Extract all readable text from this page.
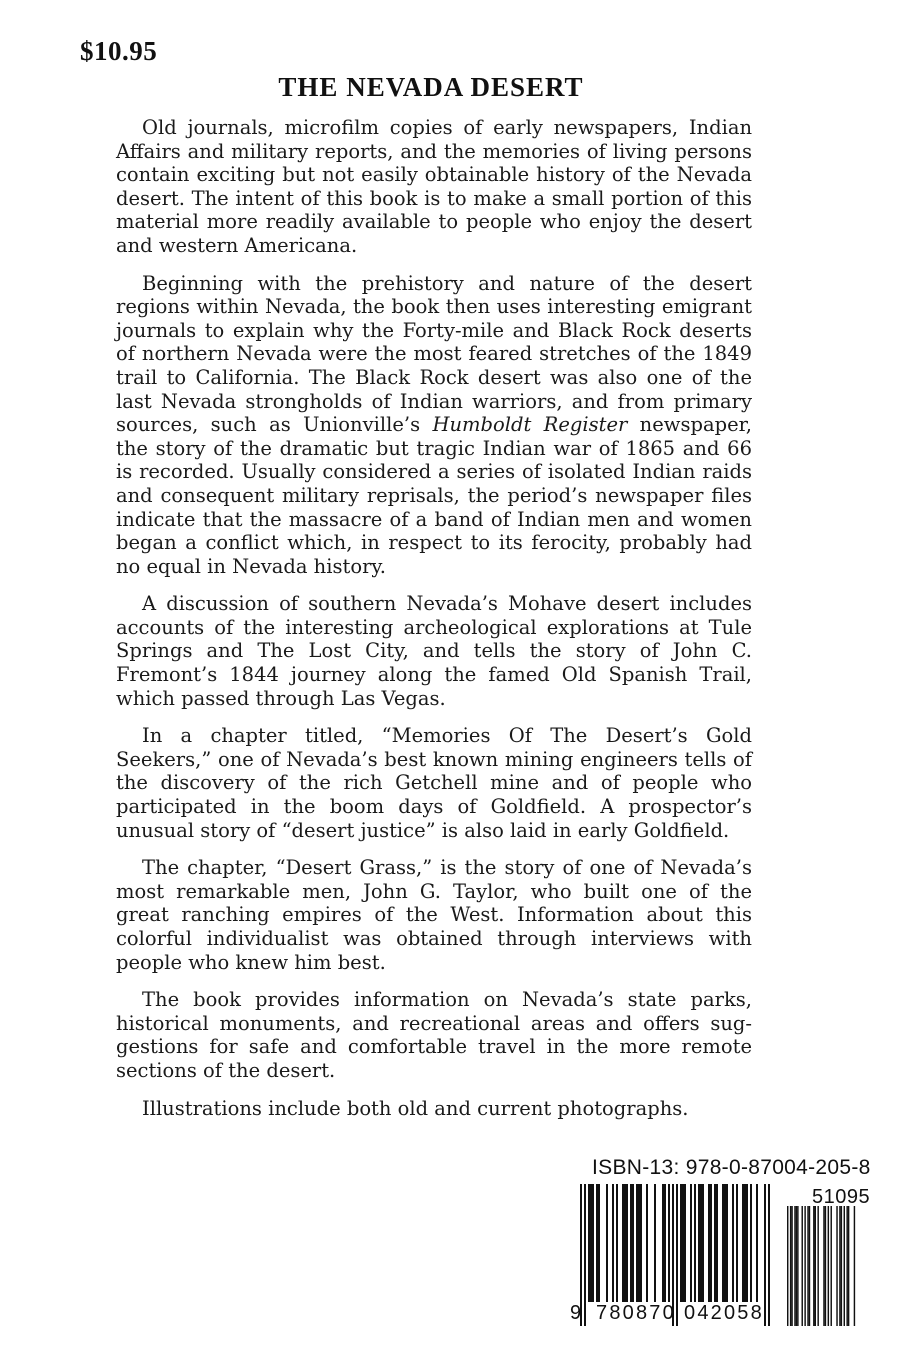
$10.95
THE NEVADA DESERT

Old journals, microfilm copies of early newspapers, Indian Affairs and military reports, and the memories of living persons contain exciting but not easily obtainable history of the Nevada desert. The intent of this book is to make a small portion of this material more readily available to people who enjoy the desert and western Americana.

Beginning with the prehistory and nature of the desert regions within Nevada, the book then uses interesting emigrant journals to explain why the Forty-mile and Black Rock deserts of northern Nevada were the most feared stretches of the 1849 trail to California. The Black Rock desert was also one of the last Nevada strongholds of Indian warriors, and from primary sources, such as Unionville’s Humboldt Register newspaper, the story of the dramatic but tragic Indian war of 1865 and 66 is recorded. Usually considered a series of isolated Indian raids and consequent military reprisals, the period’s newspaper files indicate that the massacre of a band of Indian men and women began a conflict which, in respect to its ferocity, probably had no equal in Nevada history.

A discussion of southern Nevada’s Mohave desert includes accounts of the interesting archeological explorations at Tule Springs and The Lost City, and tells the story of John C. Fremont’s 1844 journey along the famed Old Spanish Trail, which passed through Las Vegas.

In a chapter titled, “Memories Of The Desert’s Gold Seekers,” one of Nevada’s best known mining engineers tells of the discovery of the rich Getchell mine and of people who participated in the boom days of Goldfield. A prospector’s unusual story of “desert justice” is also laid in early Goldfield.

The chapter, “Desert Grass,” is the story of one of Nevada’s most remarkable men, John G. Taylor, who built one of the great ranching empires of the West. Information about this colorful individualist was obtained through interviews with people who knew him best.

The book provides information on Nevada’s state parks, historical monuments, and recreational areas and offers suggestions for safe and comfortable travel in the more remote sections of the desert.

Illustrations include both old and current photographs.

ISBN-13: 978-0-87004-205-8
51095
9 780870 042058
